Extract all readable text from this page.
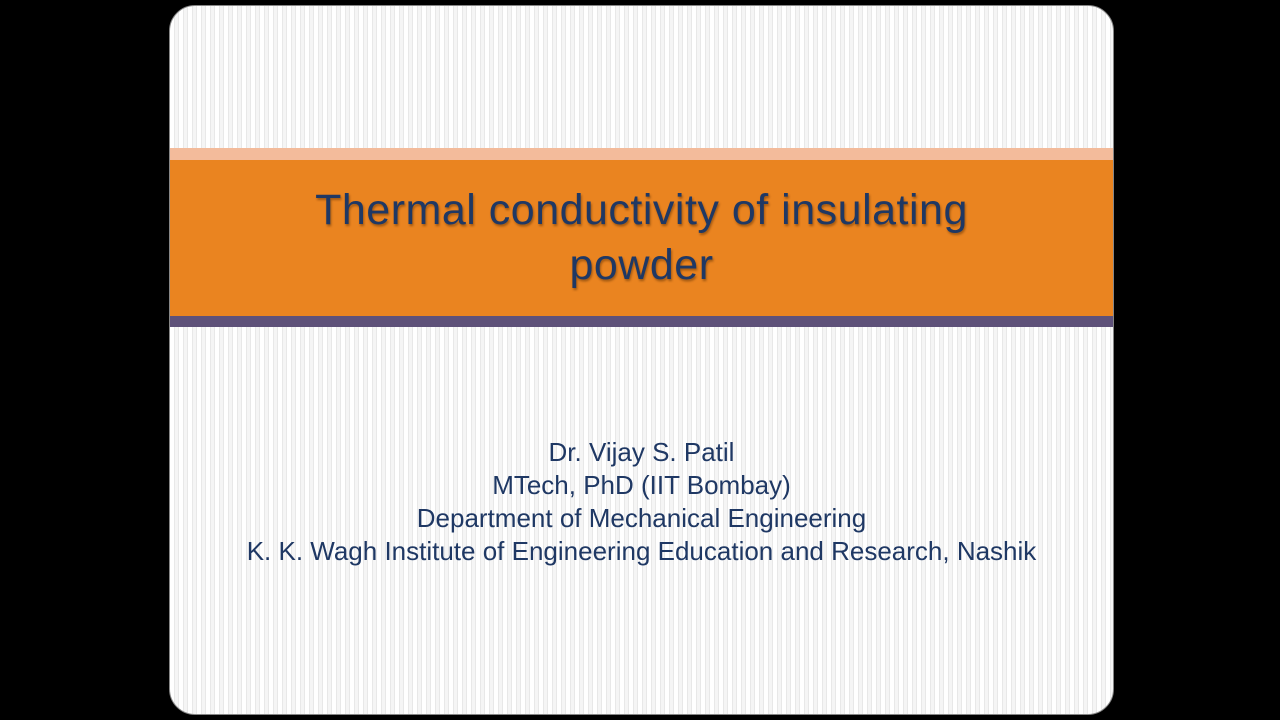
Thermal conductivity of insulating
powder
Dr. Vijay S. Patil
MTech, PhD (IIT Bombay)
Department of Mechanical Engineering
K. K. Wagh Institute of Engineering Education and Research, Nashik
